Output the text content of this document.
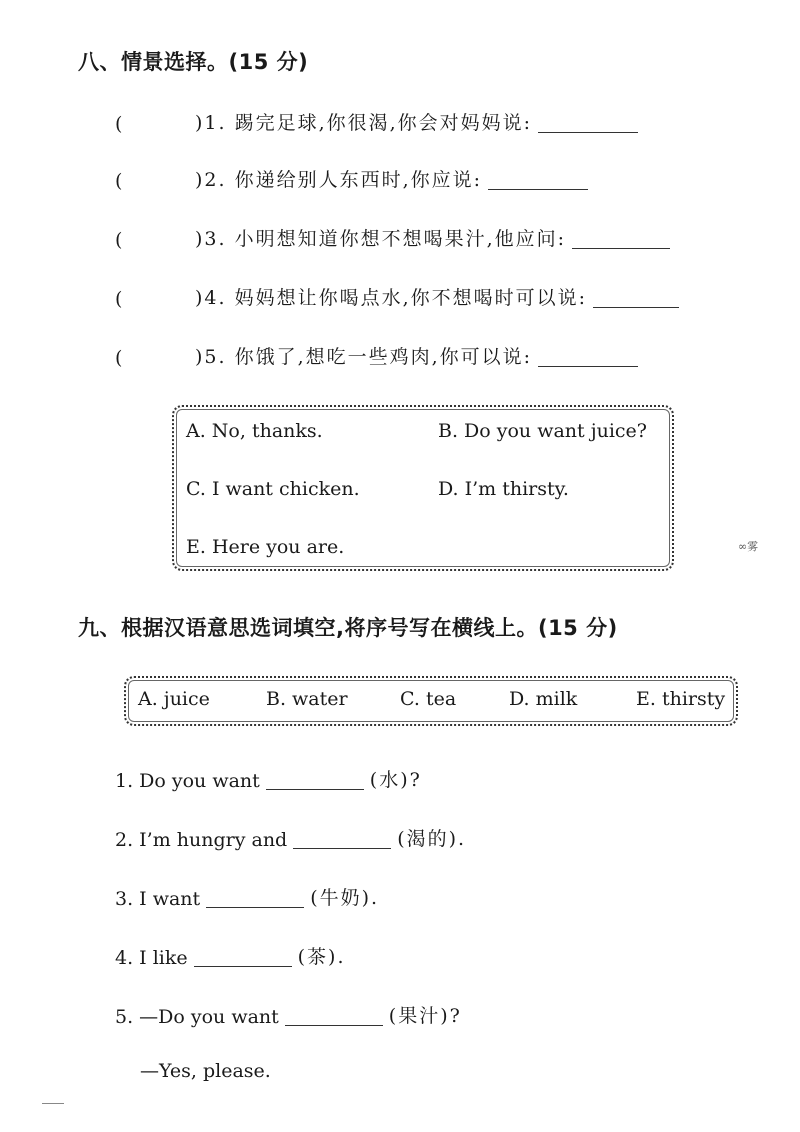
八、情景选择。(15 分)
(	)1. 踢完足球,你很渴,你会对妈妈说:
(	)2. 你递给别人东西时,你应说:
(	)3. 小明想知道你想不想喝果汁,他应问:
(	)4. 妈妈想让你喝点水,你不想喝时可以说:
(	)5. 你饿了,想吃一些鸡肉,你可以说:
A. No, thanks.	B. Do you want juice?
C. I want chicken.	D. I’m thirsty.
E. Here you are.	∞雾
九、根据汉语意思选词填空,将序号写在横线上。(15 分)
A. juice	B. water	C. tea	D. milk	E. thirsty
1. Do you want	(水)?
2. I’m hungry and	(渴的).
3. I want	(牛奶).
4. I like	(茶).
5. —Do you want	(果汁)?
—Yes, please.
